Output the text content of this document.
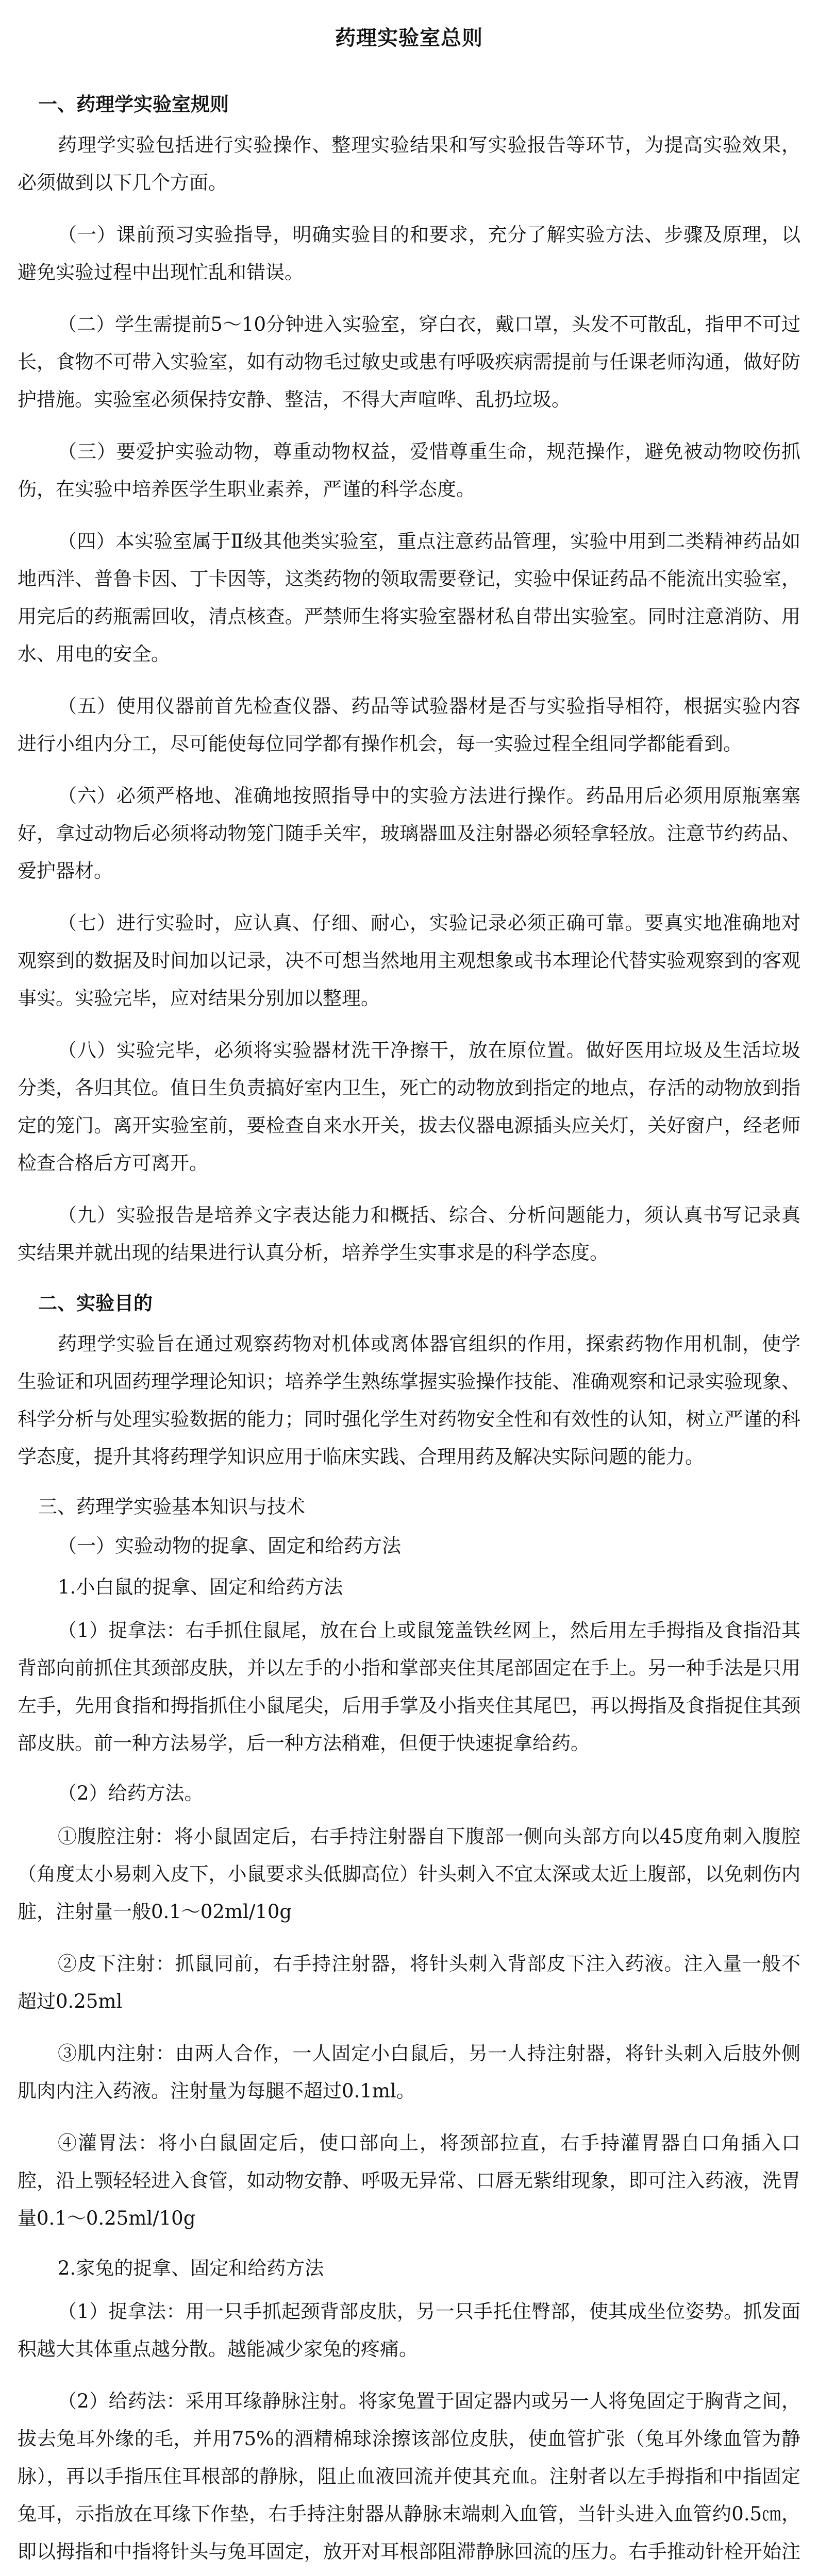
药理实验室总则
一、药理学实验室规则

药理学实验包括进行实验操作、整理实验结果和写实验报告等环节，为提高实验效果，必须做到以下几个方面。

（一）课前预习实验指导，明确实验目的和要求，充分了解实验方法、步骤及原理，以避免实验过程中出现忙乱和错误。

（二）学生需提前5～10分钟进入实验室，穿白衣，戴口罩，头发不可散乱，指甲不可过长，食物不可带入实验室，如有动物毛过敏史或患有呼吸疾病需提前与任课老师沟通，做好防护措施。实验室必须保持安静、整洁，不得大声喧哗、乱扔垃圾。

（三）要爱护实验动物，尊重动物权益，爱惜尊重生命，规范操作，避免被动物咬伤抓伤，在实验中培养医学生职业素养，严谨的科学态度。

（四）本实验室属于Ⅱ级其他类实验室，重点注意药品管理，实验中用到二类精神药品如地西泮、普鲁卡因、丁卡因等，这类药物的领取需要登记，实验中保证药品不能流出实验室，用完后的药瓶需回收，清点核查。严禁师生将实验室器材私自带出实验室。同时注意消防、用水、用电的安全。

（五）使用仪器前首先检查仪器、药品等试验器材是否与实验指导相符，根据实验内容进行小组内分工，尽可能使每位同学都有操作机会，每一实验过程全组同学都能看到。

（六）必须严格地、准确地按照指导中的实验方法进行操作。药品用后必须用原瓶塞塞好，拿过动物后必须将动物笼门随手关牢，玻璃器皿及注射器必须轻拿轻放。注意节约药品、爱护器材。

（七）进行实验时，应认真、仔细、耐心，实验记录必须正确可靠。要真实地准确地对观察到的数据及时间加以记录，决不可想当然地用主观想象或书本理论代替实验观察到的客观事实。实验完毕，应对结果分别加以整理。

（八）实验完毕，必须将实验器材洗干净擦干，放在原位置。做好医用垃圾及生活垃圾分类，各归其位。值日生负责搞好室内卫生，死亡的动物放到指定的地点，存活的动物放到指定的笼门。离开实验室前，要检查自来水开关，拔去仪器电源插头应关灯，关好窗户，经老师检查合格后方可离开。

（九）实验报告是培养文字表达能力和概括、综合、分析问题能力，须认真书写记录真实结果并就出现的结果进行认真分析，培养学生实事求是的科学态度。

二、实验目的

药理学实验旨在通过观察药物对机体或离体器官组织的作用，探索药物作用机制，使学生验证和巩固药理学理论知识；培养学生熟练掌握实验操作技能、准确观察和记录实验现象、科学分析与处理实验数据的能力；同时强化学生对药物安全性和有效性的认知，树立严谨的科学态度，提升其将药理学知识应用于临床实践、合理用药及解决实际问题的能力。

三、药理学实验基本知识与技术
（一）实验动物的捉拿、固定和给药方法
1.小白鼠的捉拿、固定和给药方法

（1）捉拿法：右手抓住鼠尾，放在台上或鼠笼盖铁丝网上，然后用左手拇指及食指沿其背部向前抓住其颈部皮肤，并以左手的小指和掌部夹住其尾部固定在手上。另一种手法是只用左手，先用食指和拇指抓住小鼠尾尖，后用手掌及小指夹住其尾巴，再以拇指及食指捉住其颈部皮肤。前一种方法易学，后一种方法稍难，但便于快速捉拿给药。

（2）给药方法。

①腹腔注射：将小鼠固定后，右手持注射器自下腹部一侧向头部方向以45度角刺入腹腔（角度太小易刺入皮下，小鼠要求头低脚高位）针头刺入不宜太深或太近上腹部，以免刺伤内脏，注射量一般0.1～02ml/10g

②皮下注射：抓鼠同前，右手持注射器，将针头刺入背部皮下注入药液。注入量一般不超过0.25ml

③肌内注射：由两人合作，一人固定小白鼠后，另一人持注射器，将针头刺入后肢外侧肌肉内注入药液。注射量为每腿不超过0.1ml。

④灌胃法：将小白鼠固定后，使口部向上，将颈部拉直，右手持灌胃器自口角插入口腔，沿上颚轻轻进入食管，如动物安静、呼吸无异常、口唇无紫绀现象，即可注入药液，洗胃量0.1～0.25ml/10g

2.家兔的捉拿、固定和给药方法

（1）捉拿法：用一只手抓起颈背部皮肤，另一只手托住臀部，使其成坐位姿势。抓发面积越大其体重点越分散。越能减少家兔的疼痛。

（2）给药法：采用耳缘静脉注射。将家兔置于固定器内或另一人将兔固定于胸背之间，拔去兔耳外缘的毛，并用75%的酒精棉球涂擦该部位皮肤，使血管扩张（兔耳外缘血管为静脉），再以手指压住耳根部的静脉，阻止血液回流并使其充血。注射者以左手拇指和中指固定兔耳，示指放在耳缘下作垫，右手持注射器从静脉末端刺入血管，当针头进入血管约0.5㎝，即以拇指和中指将针头与兔耳固定，放开对耳根部阻滞静脉回流的压力。右手推动针栓开始注
